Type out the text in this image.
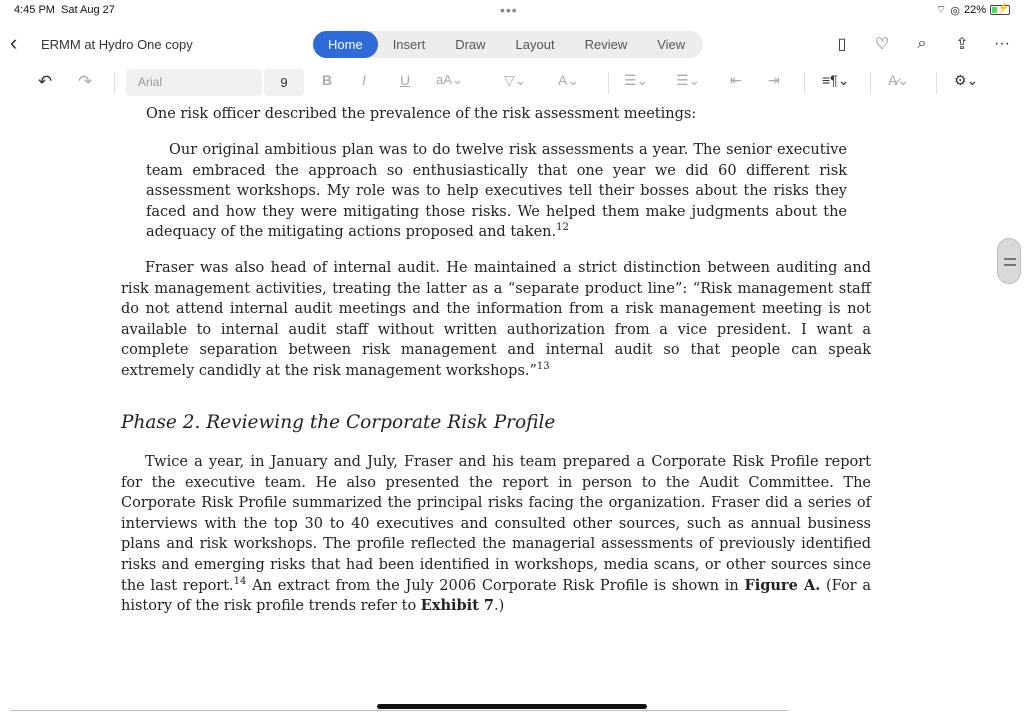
4:45 PM Sat Aug 27	•••	⌔ ◎ 22% ⚡
‹ ERMM at Hydro One copy	Home	Insert	Draw	Layout	Review	View	▯	♡	⌕	⇪ ···
↶ ↷	Arial	9	B I U aA⌄	▽⌄ A⌄	☰⌄ ☰⌄ ⇤ ⇥	≡¶⌄	A̷⌄	⚙⌄

One risk officer described the prevalence of the risk assessment meetings:

Our original ambitious plan was to do twelve risk assessments a year. The senior executive team embraced the approach so enthusiastically that one year we did 60 different risk assessment workshops. My role was to help executives tell their bosses about the risks they faced and how they were mitigating those risks. We helped them make judgments about the adequacy of the mitigating actions proposed and taken.$^{12}$

Fraser was also head of internal audit. He maintained a strict distinction between auditing and risk management activities, treating the latter as a “separate product line”: “Risk management staff do not attend internal audit meetings and the information from a risk management meeting is not available to internal audit staff without written authorization from a vice president. I want a complete separation between risk management and internal audit so that people can speak extremely candidly at the risk management workshops.”$^{13}$

Phase 2. Reviewing the Corporate Risk Profile

Twice a year, in January and July, Fraser and his team prepared a Corporate Risk Profile report for the executive team. He also presented the report in person to the Audit Committee. The Corporate Risk Profile summarized the principal risks facing the organization. Fraser did a series of interviews with the top 30 to 40 executives and consulted other sources, such as annual business plans and risk workshops. The profile reflected the managerial assessments of previously identified risks and emerging risks that had been identified in workshops, media scans, or other sources since the last report.$^{14}$ An extract from the July 2006 Corporate Risk Profile is shown in Figure A. (For a history of the risk profile trends refer to Exhibit 7.)
